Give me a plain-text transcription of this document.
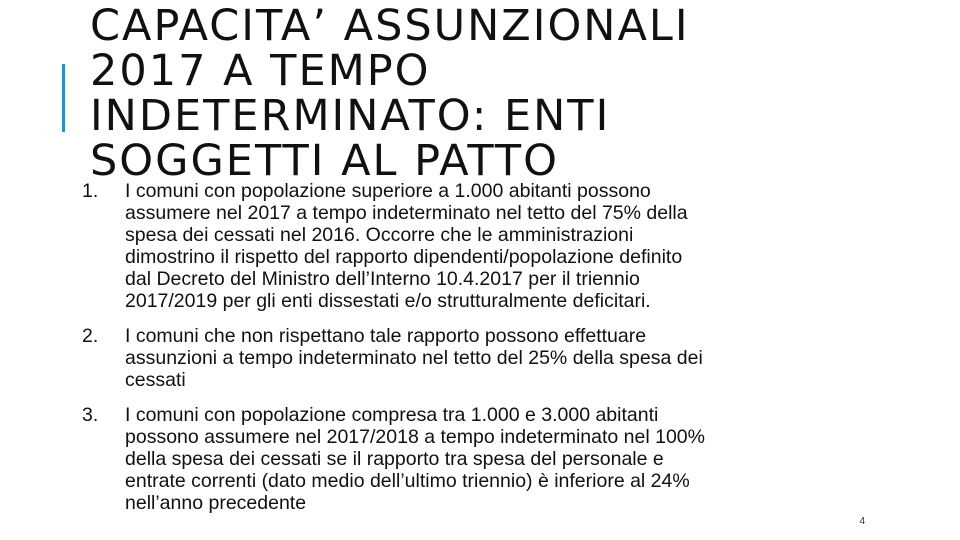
CAPACITA’ ASSUNZIONALI
2017 A TEMPO
INDETERMINATO: ENTI
SOGGETTI AL PATTO
1. I comuni con popolazione superiore a 1.000 abitanti possono
assumere nel 2017 a tempo indeterminato nel tetto del 75% della
spesa dei cessati nel 2016. Occorre che le amministrazioni
dimostrino il rispetto del rapporto dipendenti/popolazione definito
dal Decreto del Ministro dell’Interno 10.4.2017 per il triennio
2017/2019 per gli enti dissestati e/o strutturalmente deficitari.
2. I comuni che non rispettano tale rapporto possono effettuare
assunzioni a tempo indeterminato nel tetto del 25% della spesa dei
cessati
3. I comuni con popolazione compresa tra 1.000 e 3.000 abitanti
possono assumere nel 2017/2018 a tempo indeterminato nel 100%
della spesa dei cessati se il rapporto tra spesa del personale e
entrate correnti (dato medio dell’ultimo triennio) è inferiore al 24%
nell’anno precedente
4
